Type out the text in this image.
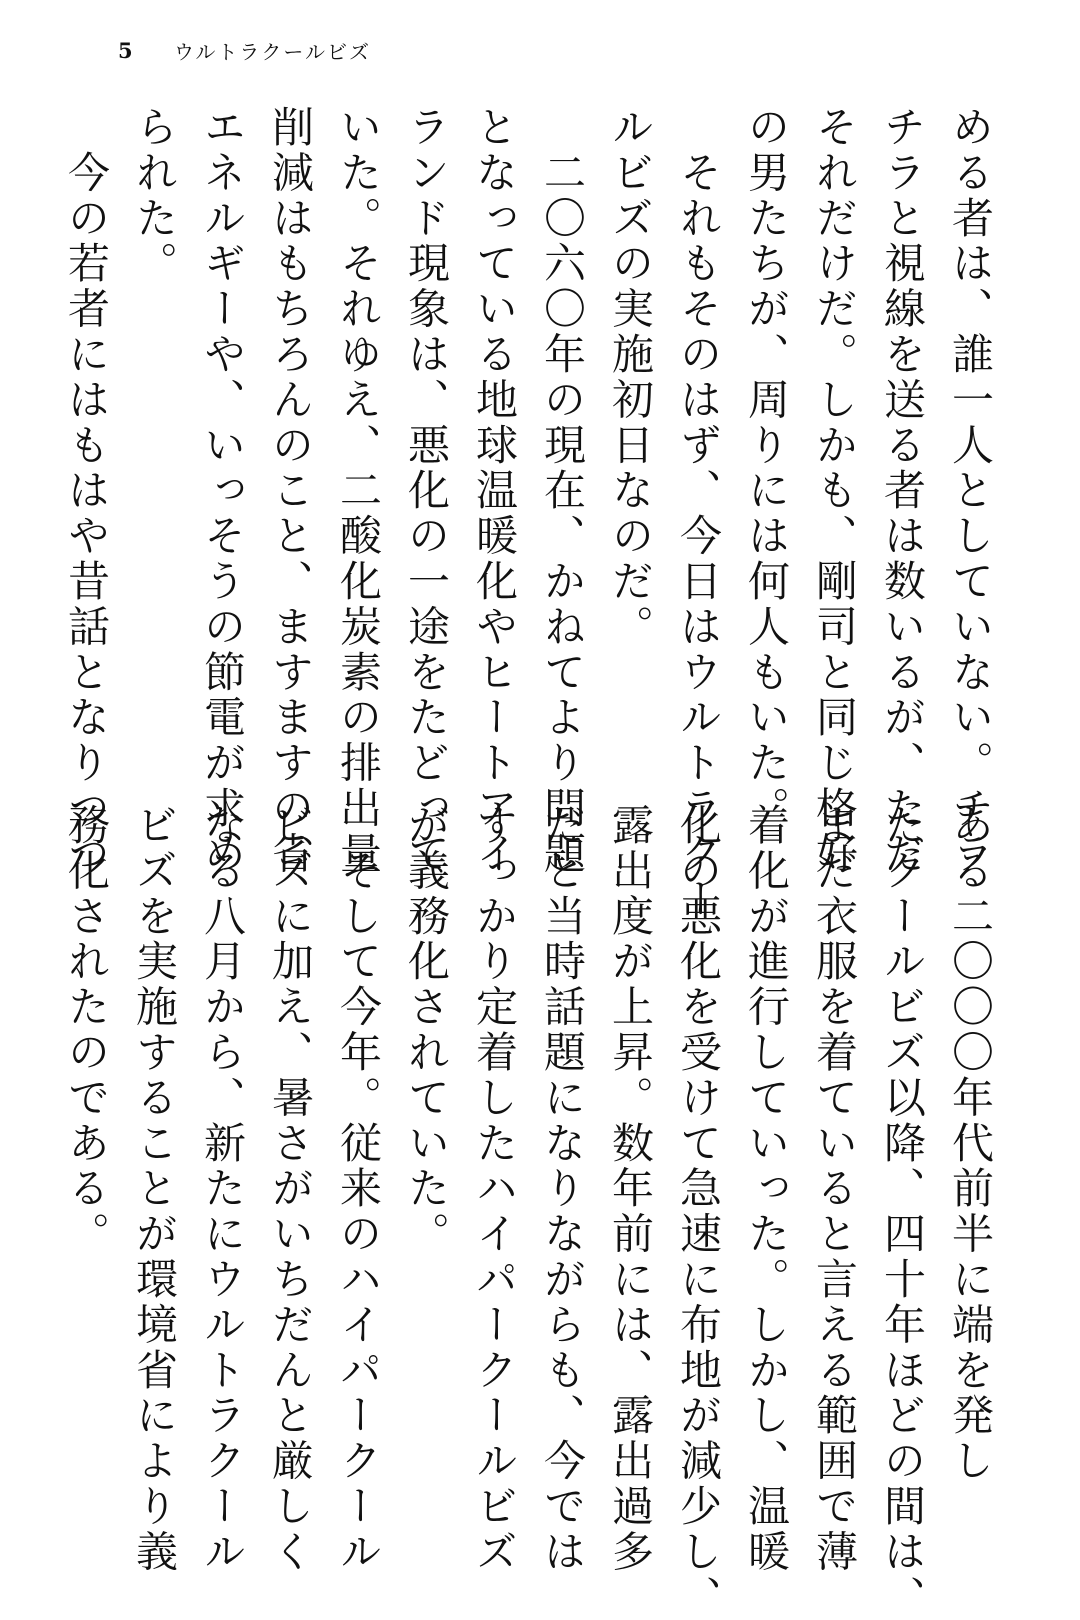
5	ウルトラクールビズ
める者は、誰一人としていない。チラ
チラと視線を送る者は数いるが、ただ
それだけだ。しかも、剛司と同じ格好
の男たちが、周りには何人もいた。
　それもそのはず、今日はウルトラクー
ルビズの実施初日なのだ。
　二〇六〇年の現在、かねてより問題
となっている地球温暖化やヒートアイ
ランド現象は、悪化の一途をたどって
いた。それゆえ、二酸化炭素の排出量
削減はもちろんのこと、ますますの省
エネルギーや、いっそうの節電が求め
られた。
　今の若者にはもはや昔話となりつつ
ある二〇〇〇年代前半に端を発し
たクールビズ以降、四十年ほどの間は、
まだ衣服を着ていると言える範囲で薄
着化が進行していった。しかし、温暖
化の悪化を受けて急速に布地が減少し、
露出度が上昇。数年前には、露出過多
だと当時話題になりながらも、今では
すっかり定着したハイパークールビズ
が義務化されていた。
　そして今年。従来のハイパークール
ビズに加え、暑さがいちだんと厳しく
なる八月から、新たにウルトラクール
ビズを実施することが環境省により義
務化されたのである。
